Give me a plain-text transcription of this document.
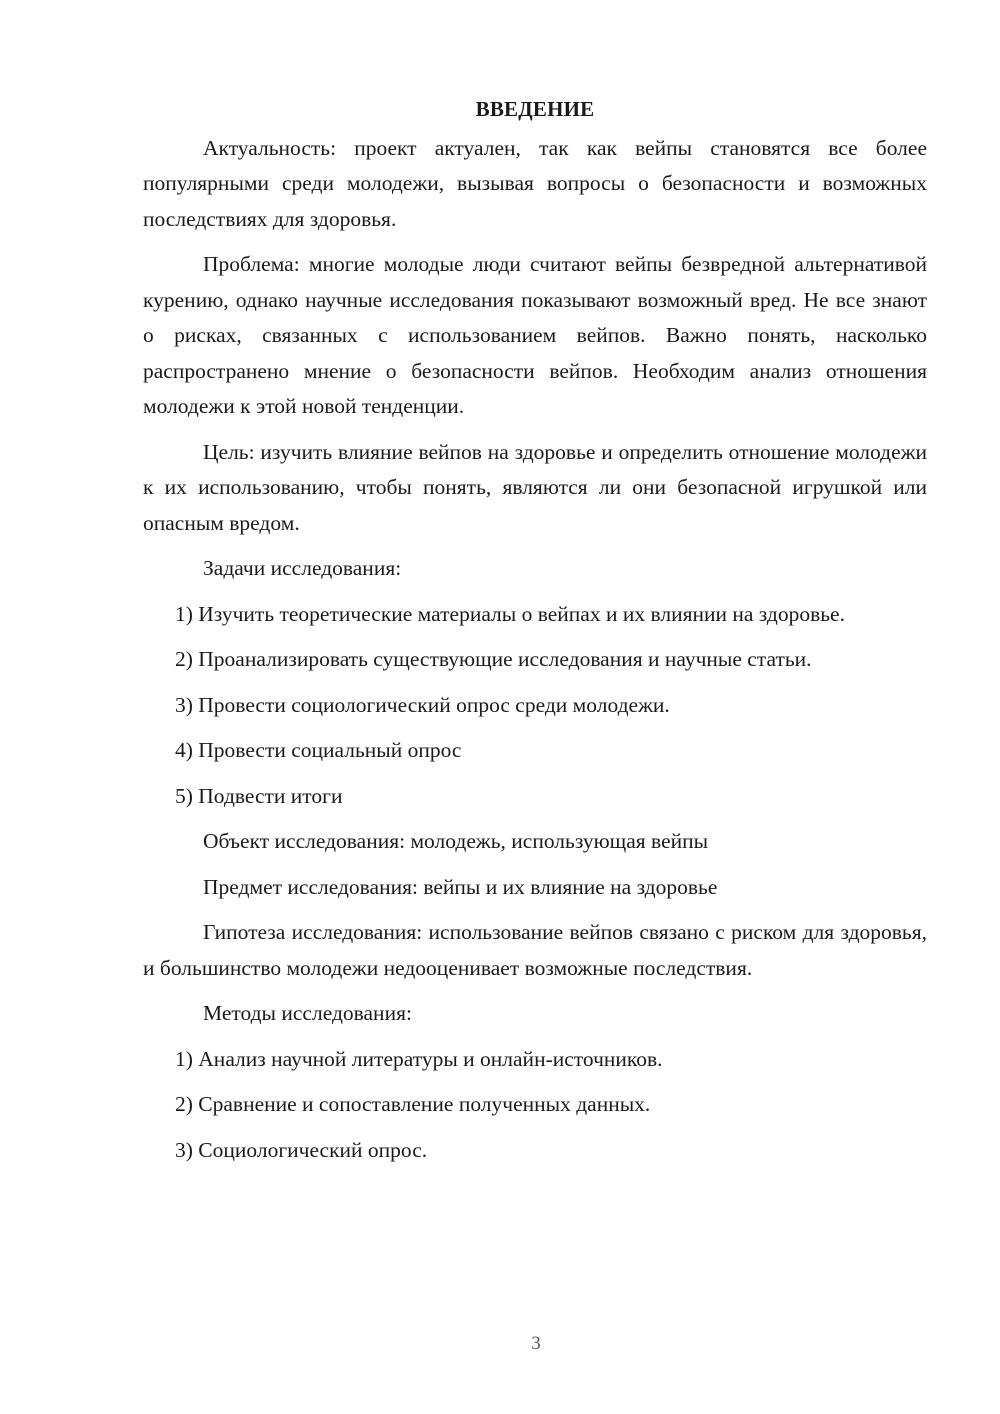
ВВЕДЕНИЕ
Актуальность: проект актуален, так как вейпы становятся все более популярными среди молодежи, вызывая вопросы о безопасности и возможных последствиях для здоровья.
Проблема: многие молодые люди считают вейпы безвредной альтернативой курению, однако научные исследования показывают возможный вред. Не все знают о рисках, связанных с использованием вейпов. Важно понять, насколько распространено мнение о безопасности вейпов. Необходим анализ отношения молодежи к этой новой тенденции.
Цель: изучить влияние вейпов на здоровье и определить отношение молодежи к их использованию, чтобы понять, являются ли они безопасной игрушкой или опасным вредом.
Задачи исследования:
1) Изучить теоретические материалы о вейпах и их влиянии на здоровье.
2) Проанализировать существующие исследования и научные статьи.
3) Провести социологический опрос среди молодежи.
4) Провести социальный опрос
5) Подвести итоги
Объект исследования: молодежь, использующая вейпы
Предмет исследования: вейпы и их влияние на здоровье
Гипотеза исследования: использование вейпов связано с риском для здоровья, и большинство молодежи недооценивает возможные последствия.
Методы исследования:
1) Анализ научной литературы и онлайн-источников.
2) Сравнение и сопоставление полученных данных.
3) Социологический опрос.
3
